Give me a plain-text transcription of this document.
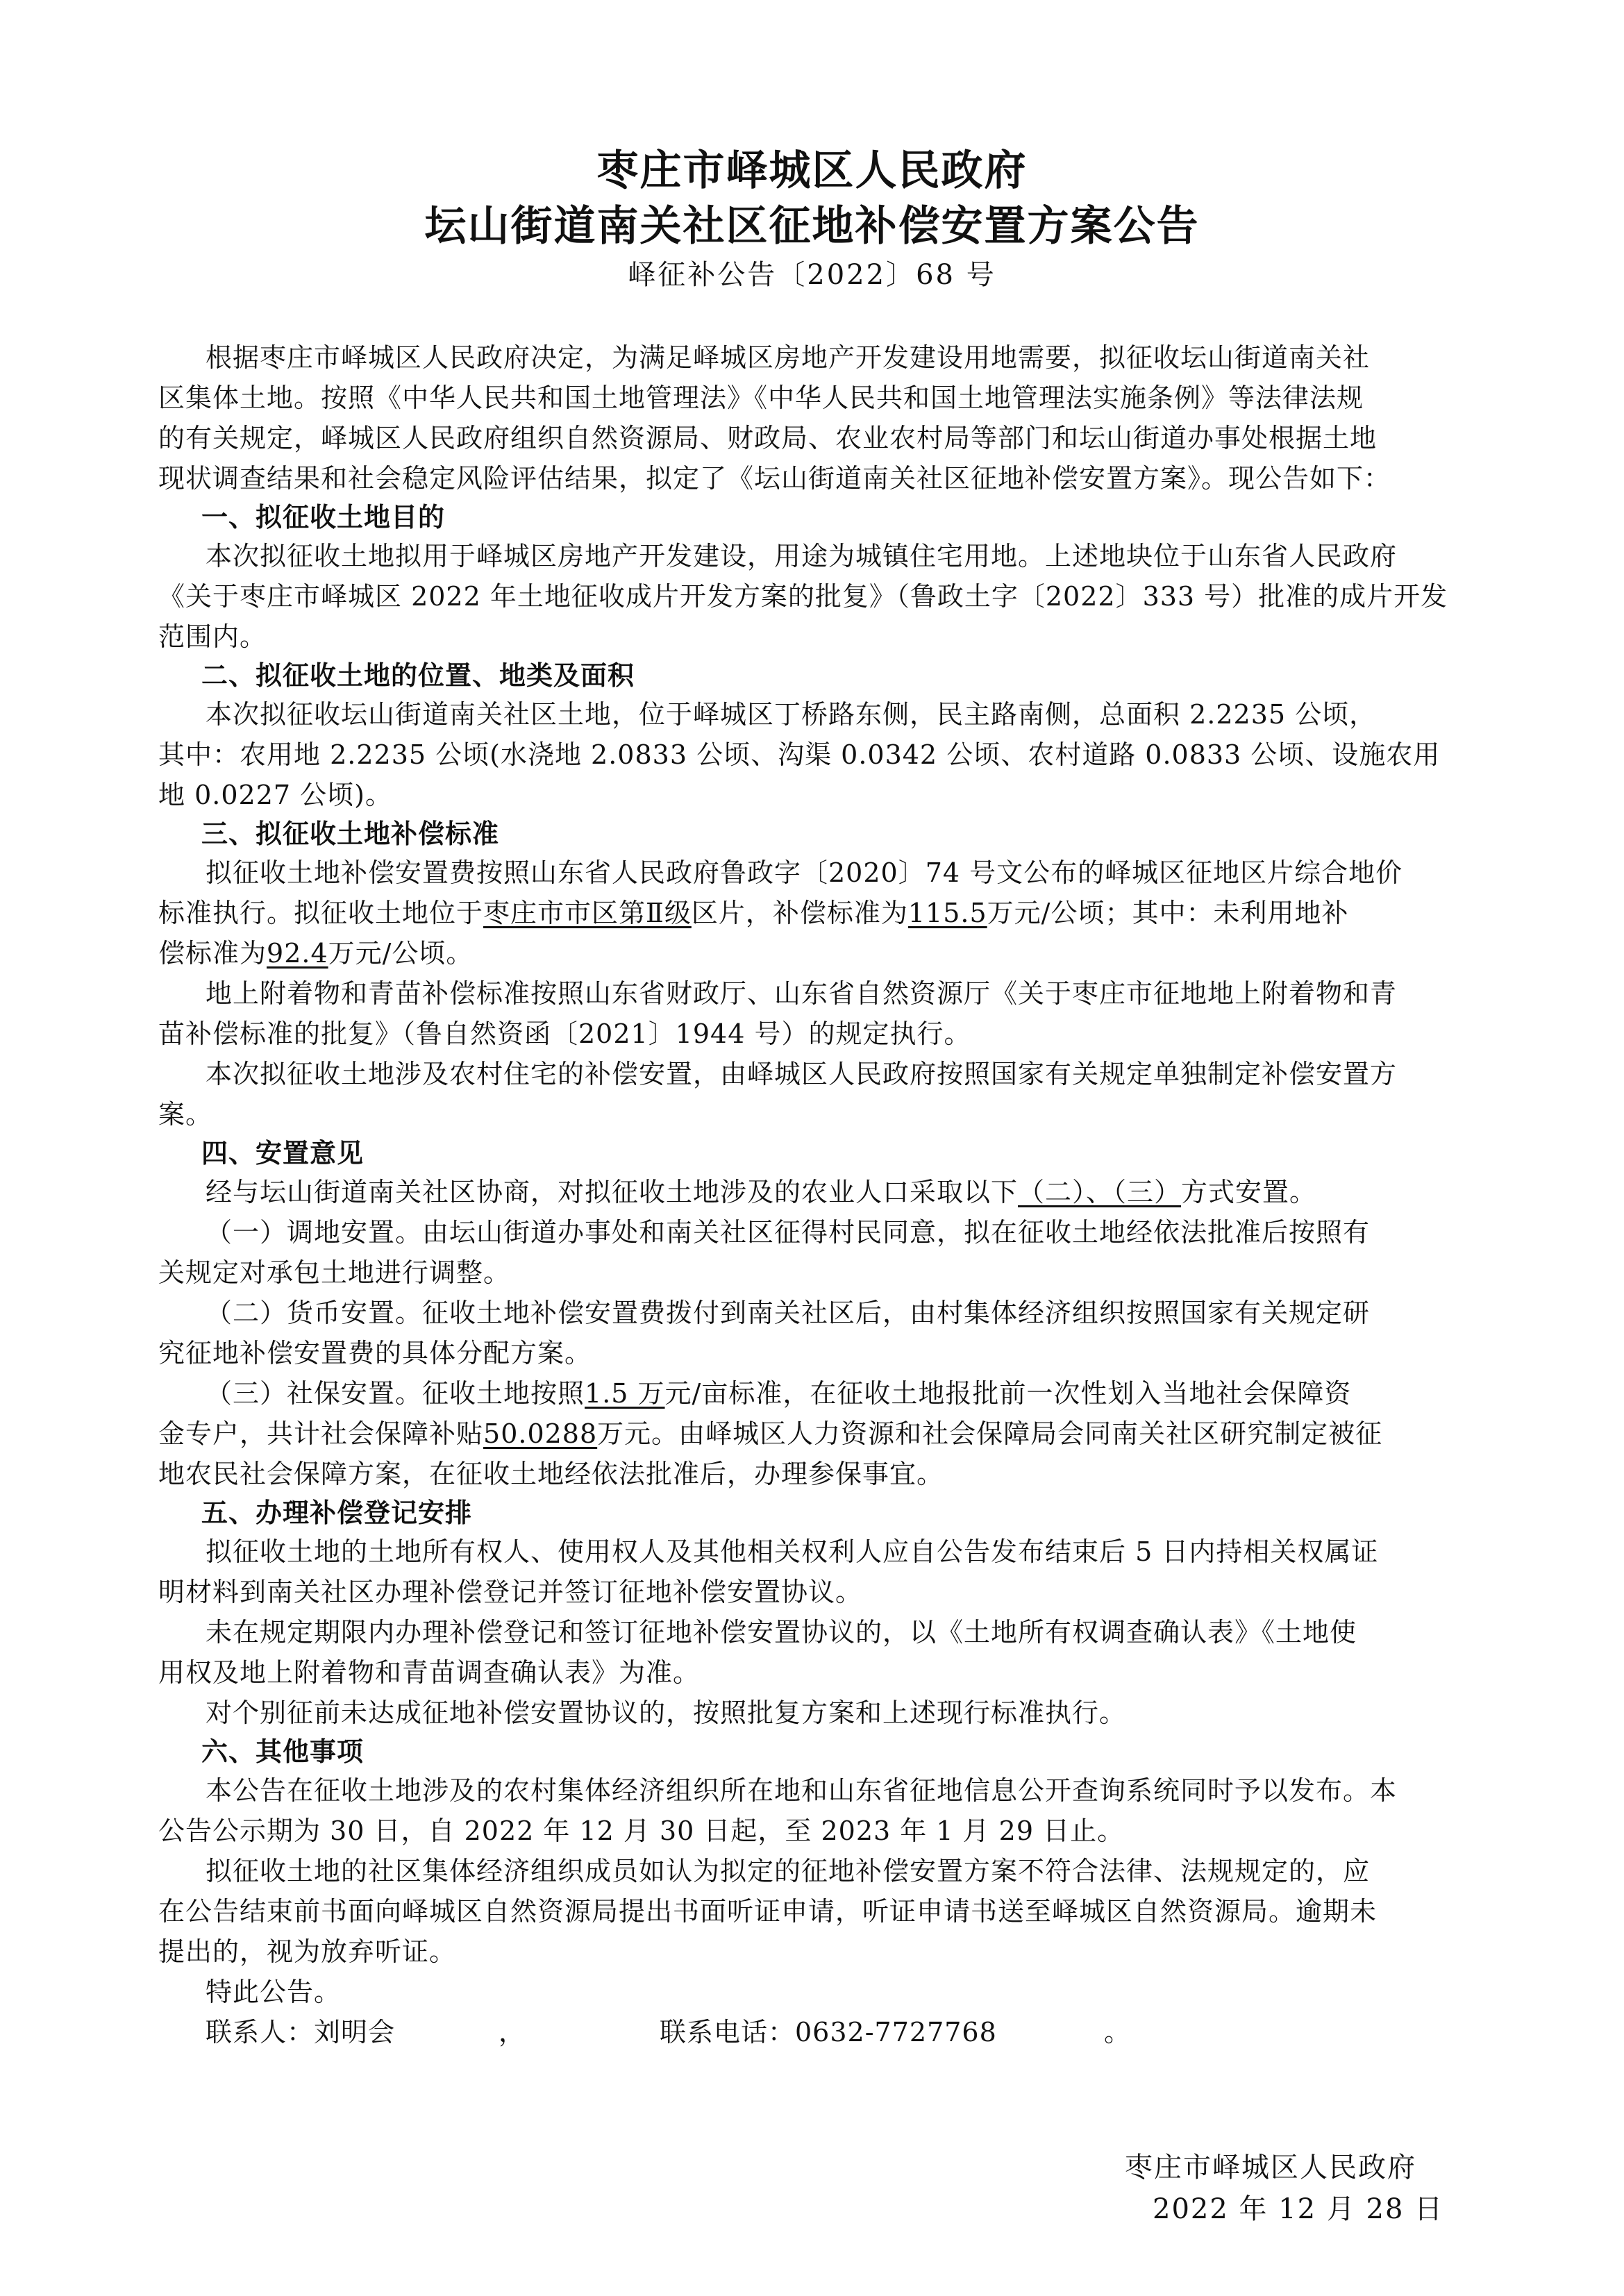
枣庄市峄城区人民政府
坛山街道南关社区征地补偿安置方案公告
峄征补公告〔2022〕68 号
根据枣庄市峄城区人民政府决定，为满足峄城区房地产开发建设用地需要，拟征收坛山街道南关社
区集体土地。按照《中华人民共和国土地管理法》《中华人民共和国土地管理法实施条例》等法律法规
的有关规定，峄城区人民政府组织自然资源局、财政局、农业农村局等部门和坛山街道办事处根据土地
现状调查结果和社会稳定风险评估结果，拟定了《坛山街道南关社区征地补偿安置方案》。现公告如下：
一、拟征收土地目的
本次拟征收土地拟用于峄城区房地产开发建设，用途为城镇住宅用地。上述地块位于山东省人民政府
《关于枣庄市峄城区 2022 年土地征收成片开发方案的批复》（鲁政土字〔2022〕333 号）批准的成片开发
范围内。
二、拟征收土地的位置、地类及面积
本次拟征收坛山街道南关社区土地，位于峄城区丁桥路东侧，民主路南侧，总面积 2.2235 公顷，
其中：农用地 2.2235 公顷(水浇地 2.0833 公顷、沟渠 0.0342 公顷、农村道路 0.0833 公顷、设施农用
地 0.0227 公顷)。
三、拟征收土地补偿标准
拟征收土地补偿安置费按照山东省人民政府鲁政字〔2020〕74 号文公布的峄城区征地区片综合地价
标准执行。拟征收土地位于枣庄市市区第Ⅱ级区片，补偿标准为115.5万元/公顷；其中：未利用地补
偿标准为92.4万元/公顷。
地上附着物和青苗补偿标准按照山东省财政厅、山东省自然资源厅《关于枣庄市征地地上附着物和青
苗补偿标准的批复》（鲁自然资函〔2021〕1944 号）的规定执行。
本次拟征收土地涉及农村住宅的补偿安置，由峄城区人民政府按照国家有关规定单独制定补偿安置方
案。
四、安置意见
经与坛山街道南关社区协商，对拟征收土地涉及的农业人口采取以下（二）、（三）方式安置。
（一）调地安置。由坛山街道办事处和南关社区征得村民同意，拟在征收土地经依法批准后按照有
关规定对承包土地进行调整。
（二）货币安置。征收土地补偿安置费拨付到南关社区后，由村集体经济组织按照国家有关规定研
究征地补偿安置费的具体分配方案。
（三）社保安置。征收土地按照1.5 万元/亩标准，在征收土地报批前一次性划入当地社会保障资
金专户，共计社会保障补贴50.0288万元。由峄城区人力资源和社会保障局会同南关社区研究制定被征
地农民社会保障方案，在征收土地经依法批准后，办理参保事宜。
五、办理补偿登记安排
拟征收土地的土地所有权人、使用权人及其他相关权利人应自公告发布结束后 5 日内持相关权属证
明材料到南关社区办理补偿登记并签订征地补偿安置协议。
未在规定期限内办理补偿登记和签订征地补偿安置协议的，以《土地所有权调查确认表》《土地使
用权及地上附着物和青苗调查确认表》为准。
对个别征前未达成征地补偿安置协议的，按照批复方案和上述现行标准执行。
六、其他事项
本公告在征收土地涉及的农村集体经济组织所在地和山东省征地信息公开查询系统同时予以发布。本
公告公示期为 30 日，自 2022 年 12 月 30 日起，至 2023 年 1 月 29 日止。
拟征收土地的社区集体经济组织成员如认为拟定的征地补偿安置方案不符合法律、法规规定的，应
在公告结束前书面向峄城区自然资源局提出书面听证申请，听证申请书送至峄城区自然资源局。逾期未
提出的，视为放弃听证。
特此公告。
联系人：刘明会	，	联系电话：0632-7727768	。
枣庄市峄城区人民政府
2022 年 12 月 28 日
